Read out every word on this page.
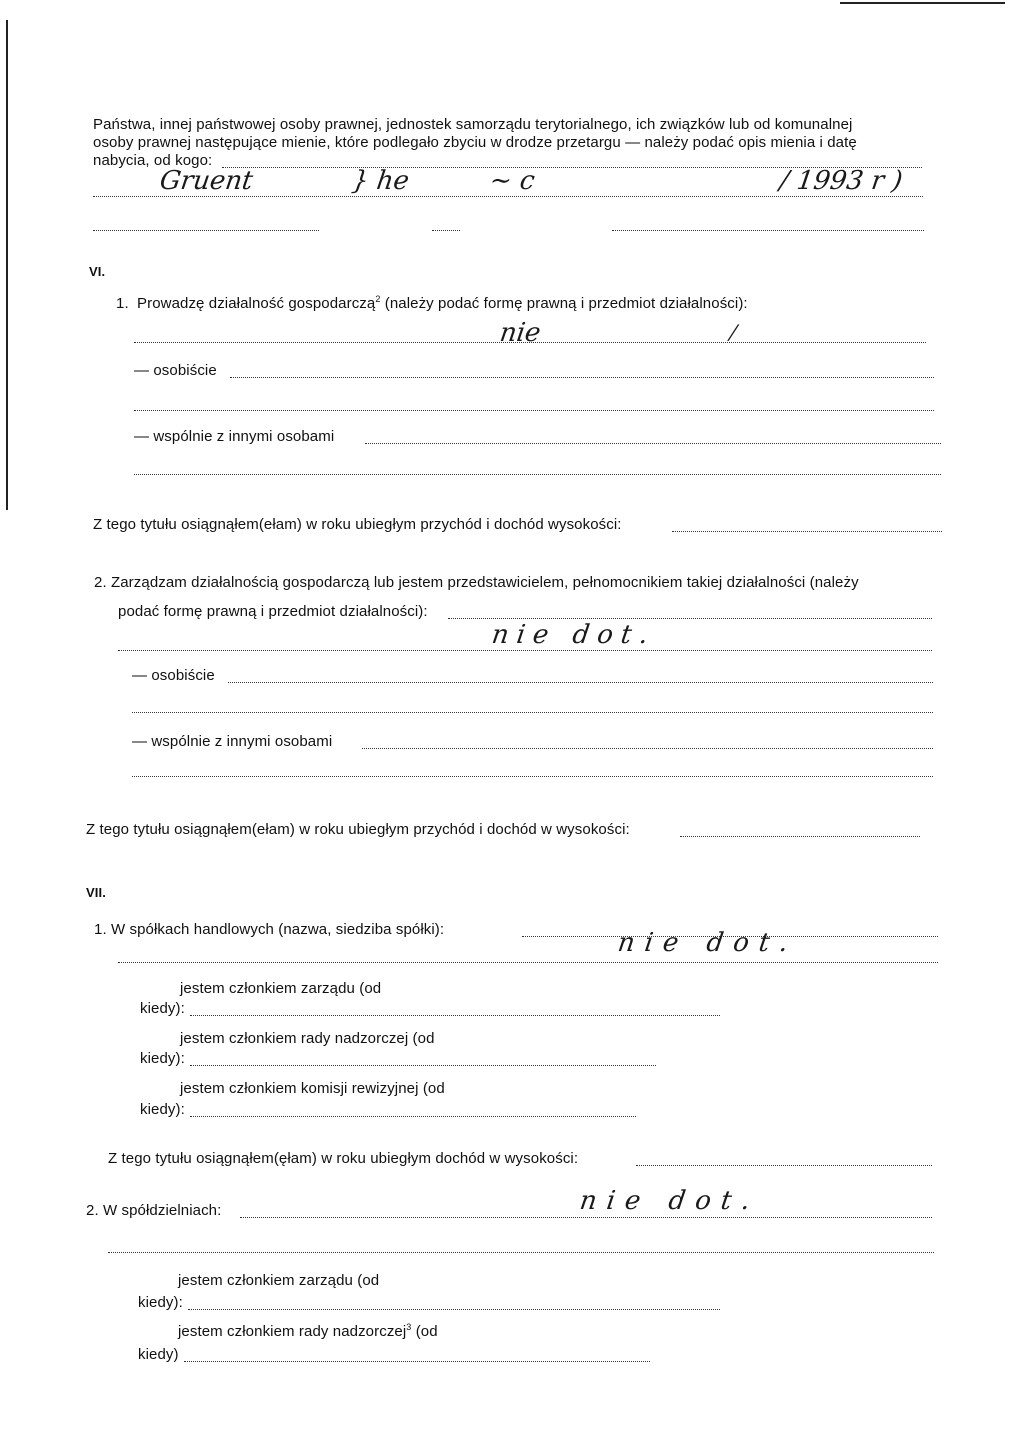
Państwa, innej państwowej osoby prawnej, jednostek samorządu terytorialnego, ich związków lub od komunalnej
osoby prawnej następujące mienie, które podlegało zbyciu w drodze przetargu — należy podać opis mienia i datę
nabycia, od kogo:
Gruent	} he	~ c	/ 1993 r )
VI.
1. Prowadzę działalność gospodarczą$^2$ (należy podać formę prawną i przedmiot działalności):
nie	/
— osobiście
— wspólnie z innymi osobami
Z tego tytułu osiągnąłem(ełam) w roku ubiegłym przychód i dochód wysokości:
2. Zarządzam działalnością gospodarczą lub jestem przedstawicielem, pełnomocnikiem takiej działalności (należy
podać formę prawną i przedmiot działalności):
nie dot.
— osobiście
— wspólnie z innymi osobami
Z tego tytułu osiągnąłem(ełam) w roku ubiegłym przychód i dochód w wysokości:
VII.
1. W spółkach handlowych (nazwa, siedziba spółki):	nie dot.
jestem członkiem zarządu (od
kiedy):
jestem członkiem rady nadzorczej (od
kiedy):
jestem członkiem komisji rewizyjnej (od
kiedy):
Z tego tytułu osiągnąłem(ęłam) w roku ubiegłym dochód w wysokości:
2. W spółdzielniach:	nie dot.
jestem członkiem zarządu (od
kiedy):
jestem członkiem rady nadzorczej$^3$ (od
kiedy)
